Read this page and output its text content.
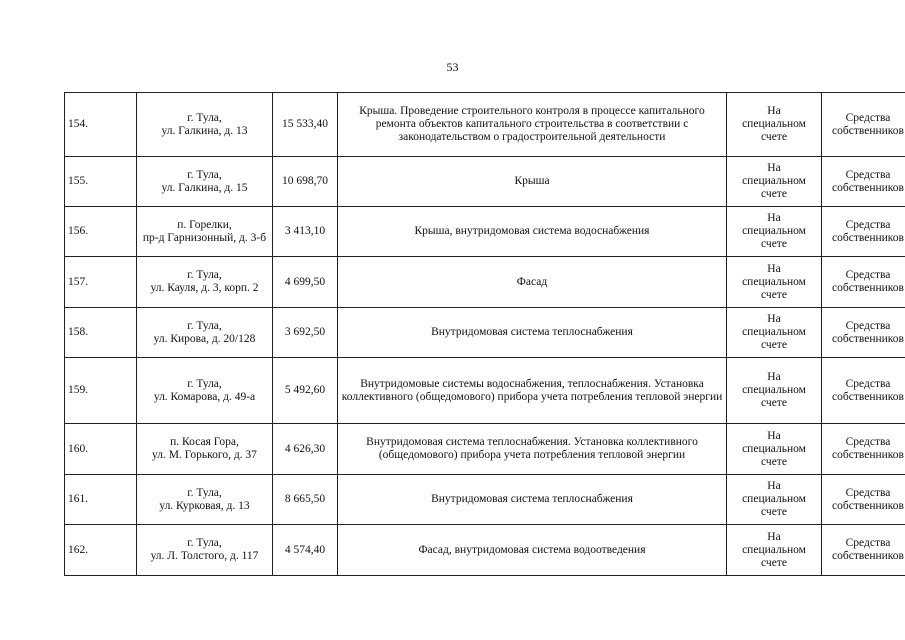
53
154.	г. Тула,
ул. Галкина, д. 13	15 533,40	Крыша. Проведение строительного контроля в процессе капитального ремонта объектов капитального строительства в соответствии с законодательством о градостроительной деятельности	На
специальном
счете	Средства
собственников

155.	г. Тула,
ул. Галкина, д. 15	10 698,70	Крыша	На
специальном
счете	Средства
собственников

156.	п. Горелки,
пр-д Гарнизонный, д. 3-б	3 413,10	Крыша, внутридомовая система водоснабжения	На
специальном
счете	Средства
собственников

157.	г. Тула,
ул. Кауля, д. 3, корп. 2	4 699,50	Фасад	На
специальном
счете	Средства
собственников

158.	г. Тула,
ул. Кирова, д. 20/128	3 692,50	Внутридомовая система теплоснабжения	На
специальном
счете	Средства
собственников

159.	г. Тула,
ул. Комарова, д. 49-а	5 492,60	Внутридомовые системы водоснабжения, теплоснабжения. Установка коллективного (общедомового) прибора учета потребления тепловой энергии	На
специальном
счете	Средства
собственников

160.	п. Косая Гора,
ул. М. Горького, д. 37	4 626,30	Внутридомовая система теплоснабжения. Установка коллективного (общедомового) прибора учета потребления тепловой энергии	На
специальном
счете	Средства
собственников

161.	г. Тула,
ул. Курковая, д. 13	8 665,50	Внутридомовая система теплоснабжения	На
специальном
счете	Средства
собственников

162.	г. Тула,
ул. Л. Толстого, д. 117	4 574,40	Фасад, внутридомовая система водоотведения	На
специальном
счете	Средства
собственников
